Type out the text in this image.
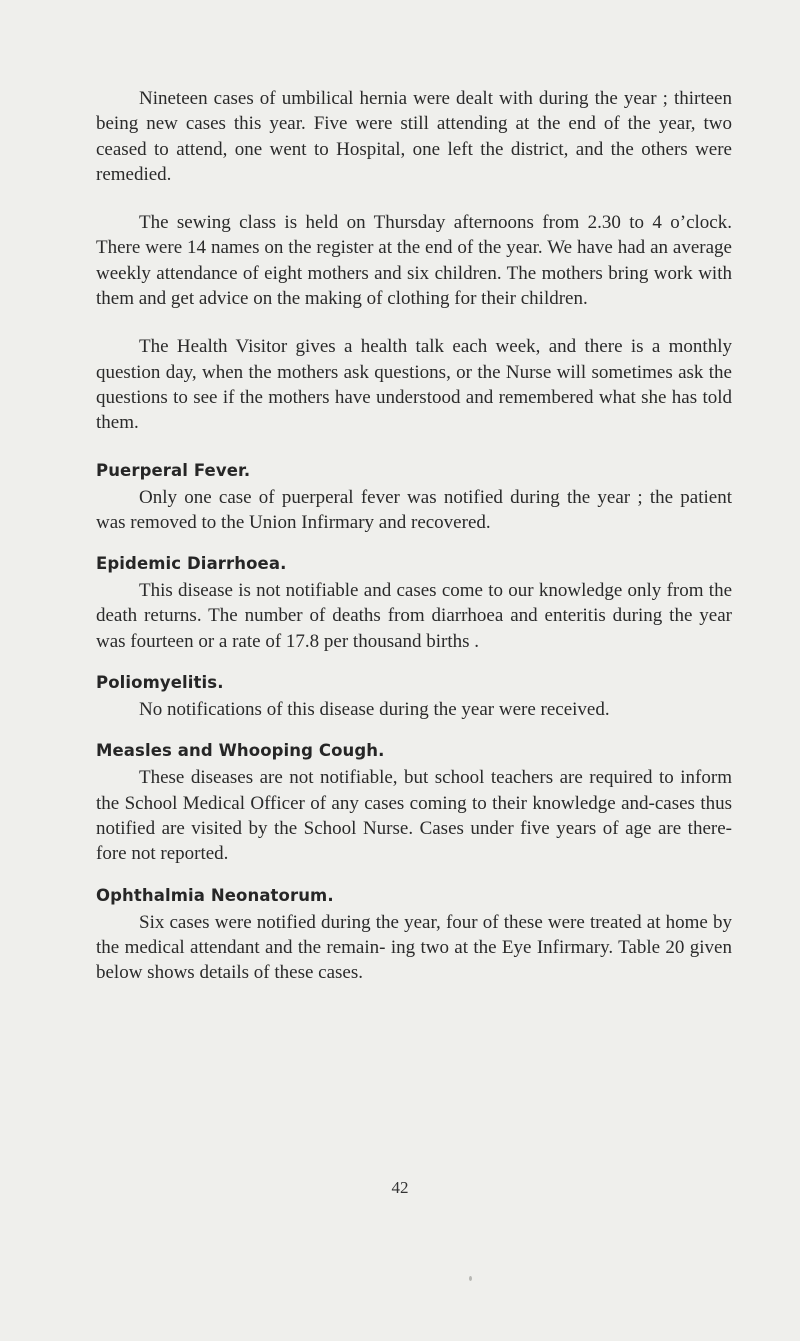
Nineteen cases of umbilical hernia were dealt with during the year ; thirteen being new cases this year. Five were still attending at the end of the year, two ceased to attend, one went to Hospital, one left the district, and the others were remedied.

The sewing class is held on Thursday afternoons from 2.30 to 4 o’clock. There were 14 names on the register at the end of the year. We have had an average weekly attendance of eight mothers and six children. The mothers bring work with them and get advice on the making of clothing for their children.

The Health Visitor gives a health talk each week, and there is a monthly question day, when the mothers ask questions, or the Nurse will sometimes ask the questions to see if the mothers have understood and remembered what she has told them.

Puerperal Fever.

Only one case of puerperal fever was notified during the year ; the patient was removed to the Union Infirmary and recovered.

Epidemic Diarrhoea.

This disease is not notifiable and cases come to our knowledge only from the death returns. The number of deaths from diarrhoea and enteritis during the year was fourteen or a rate of 17.8 per thousand births .

Poliomyelitis.

No notifications of this disease during the year were received.

Measles and Whooping Cough.

These diseases are not notifiable, but school teachers are required to inform the School Medical Officer of any cases coming to their knowledge and-cases thus notified are visited by the School Nurse. Cases under five years of age are there- fore not reported.

Ophthalmia Neonatorum.

Six cases were notified during the year, four of these were treated at home by the medical attendant and the remain- ing two at the Eye Infirmary. Table 20 given below shows details of these cases.

42
